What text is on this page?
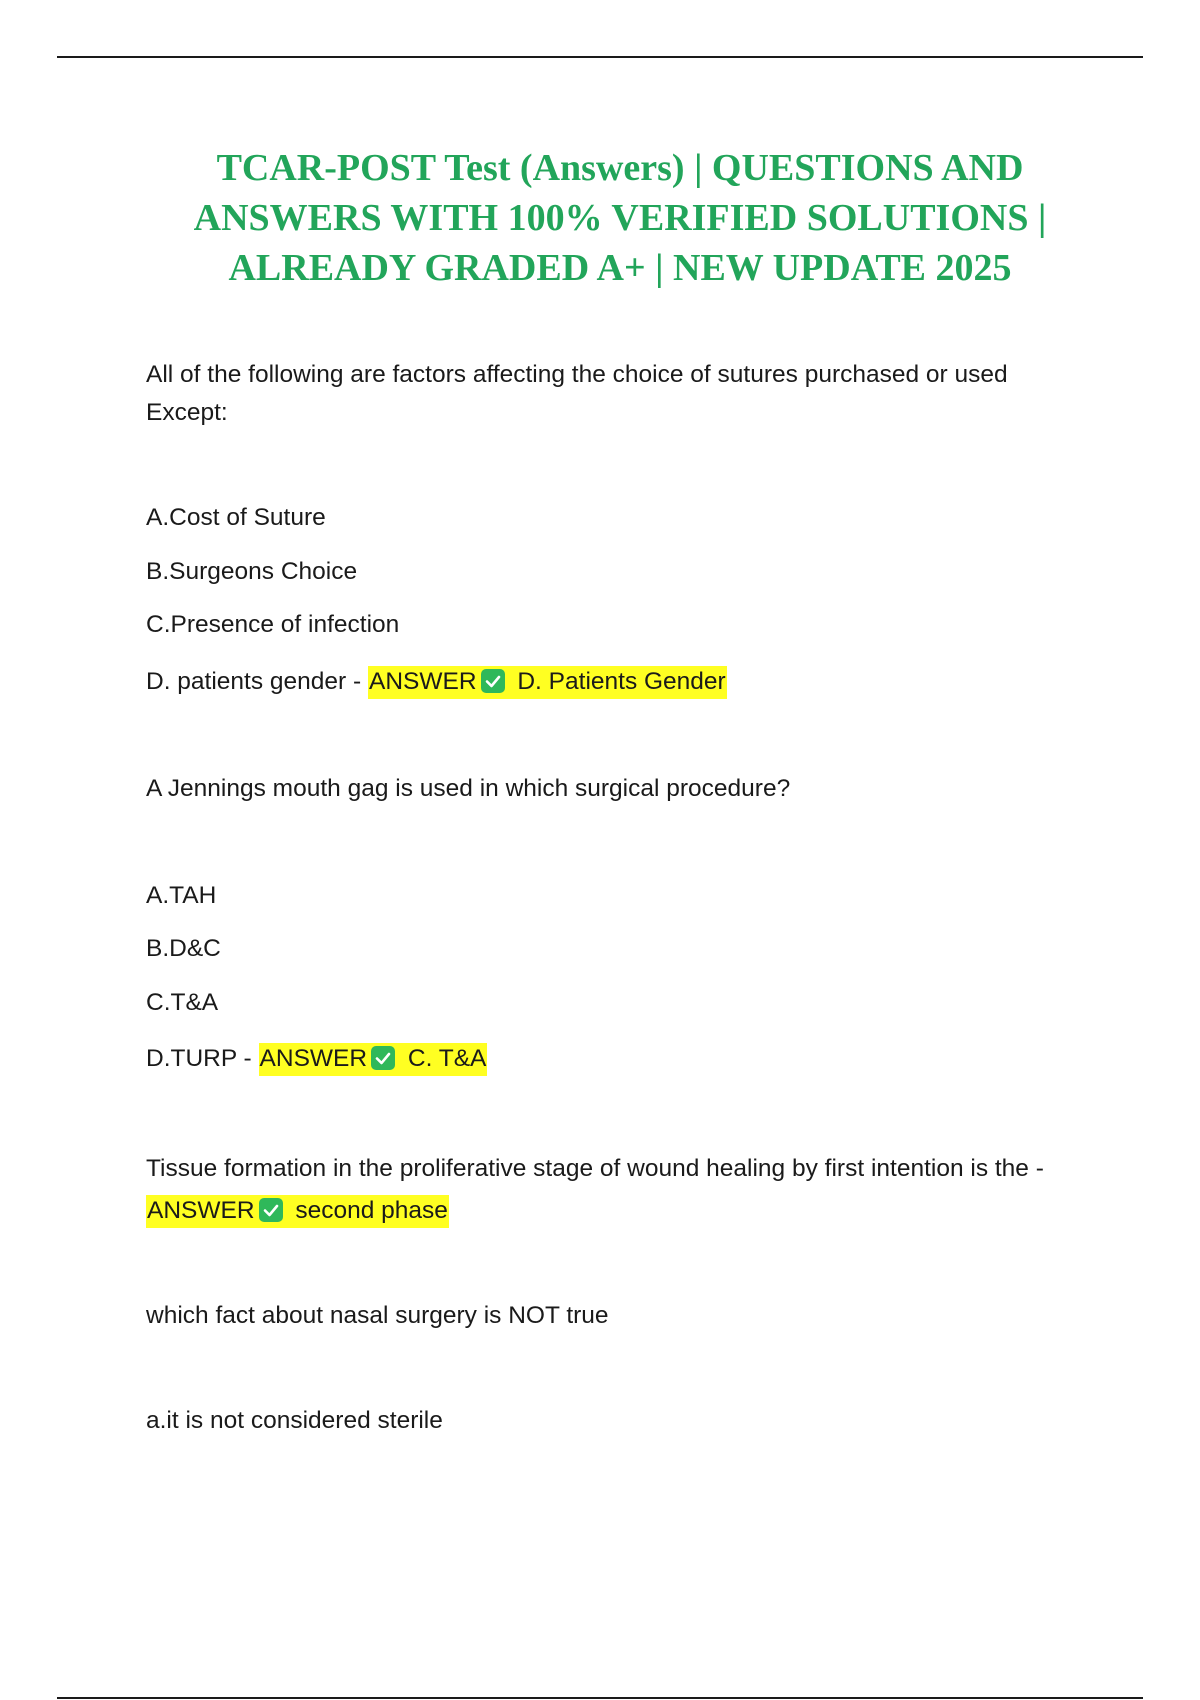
TCAR-POST Test (Answers) | QUESTIONS AND ANSWERS WITH 100% VERIFIED SOLUTIONS | ALREADY GRADED A+ | NEW UPDATE 2025
All of the following are factors affecting the choice of sutures purchased or used Except:
A.Cost of Suture
B.Surgeons Choice
C.Presence of infection
D. patients gender - ANSWER D. Patients Gender
A Jennings mouth gag is used in which surgical procedure?
A.TAH
B.D&C
C.T&A
D.TURP - ANSWER C. T&A
Tissue formation in the proliferative stage of wound healing by first intention is the - ANSWER second phase
which fact about nasal surgery is NOT true
a.it is not considered sterile
